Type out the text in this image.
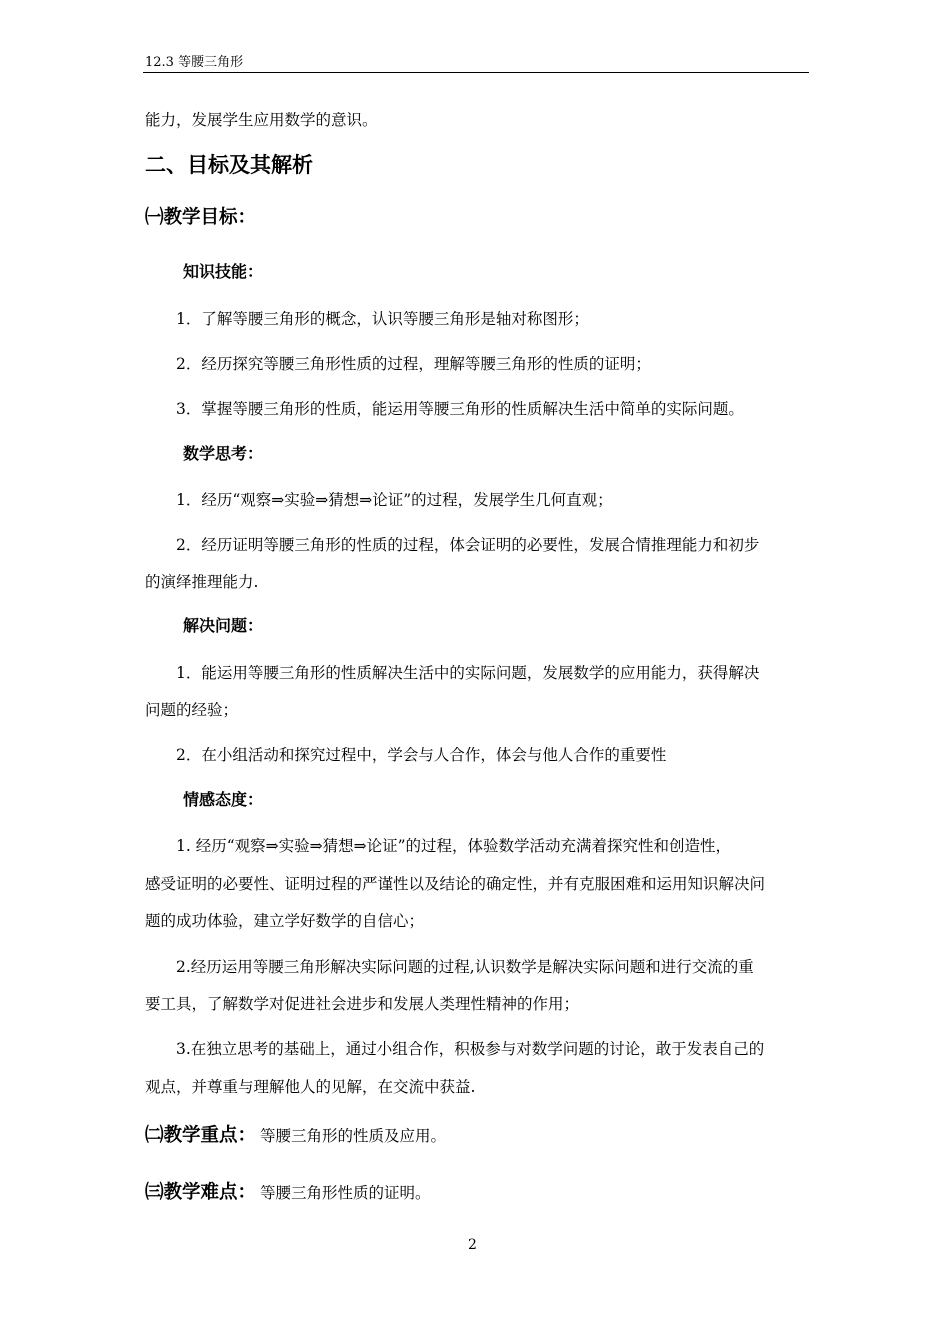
12.3 等腰三角形
能力，发展学生应用数学的意识。
二、目标及其解析
㈠教学目标：
知识技能：
1．了解等腰三角形的概念，认识等腰三角形是轴对称图形；
2．经历探究等腰三角形性质的过程，理解等腰三角形的性质的证明；
3．掌握等腰三角形的性质，能运用等腰三角形的性质解决生活中简单的实际问题。
数学思考：
1．经历“观察⇒实验⇒猜想⇒论证”的过程，发展学生几何直观；
2．经历证明等腰三角形的性质的过程，体会证明的必要性，发展合情推理能力和初步
的演绎推理能力.
解决问题：
1．能运用等腰三角形的性质解决生活中的实际问题，发展数学的应用能力，获得解决
问题的经验；
2．在小组活动和探究过程中，学会与人合作，体会与他人合作的重要性
情感态度：
1. 经历“观察⇒实验⇒猜想⇒论证”的过程，体验数学活动充满着探究性和创造性，
感受证明的必要性、证明过程的严谨性以及结论的确定性，并有克服困难和运用知识解决问
题的成功体验，建立学好数学的自信心；
2.经历运用等腰三角形解决实际问题的过程,认识数学是解决实际问题和进行交流的重
要工具，了解数学对促进社会进步和发展人类理性精神的作用；
3.在独立思考的基础上，通过小组合作，积极参与对数学问题的讨论，敢于发表自己的
观点，并尊重与理解他人的见解，在交流中获益.
㈡教学重点： 等腰三角形的性质及应用。
㈢教学难点： 等腰三角形性质的证明。
2
